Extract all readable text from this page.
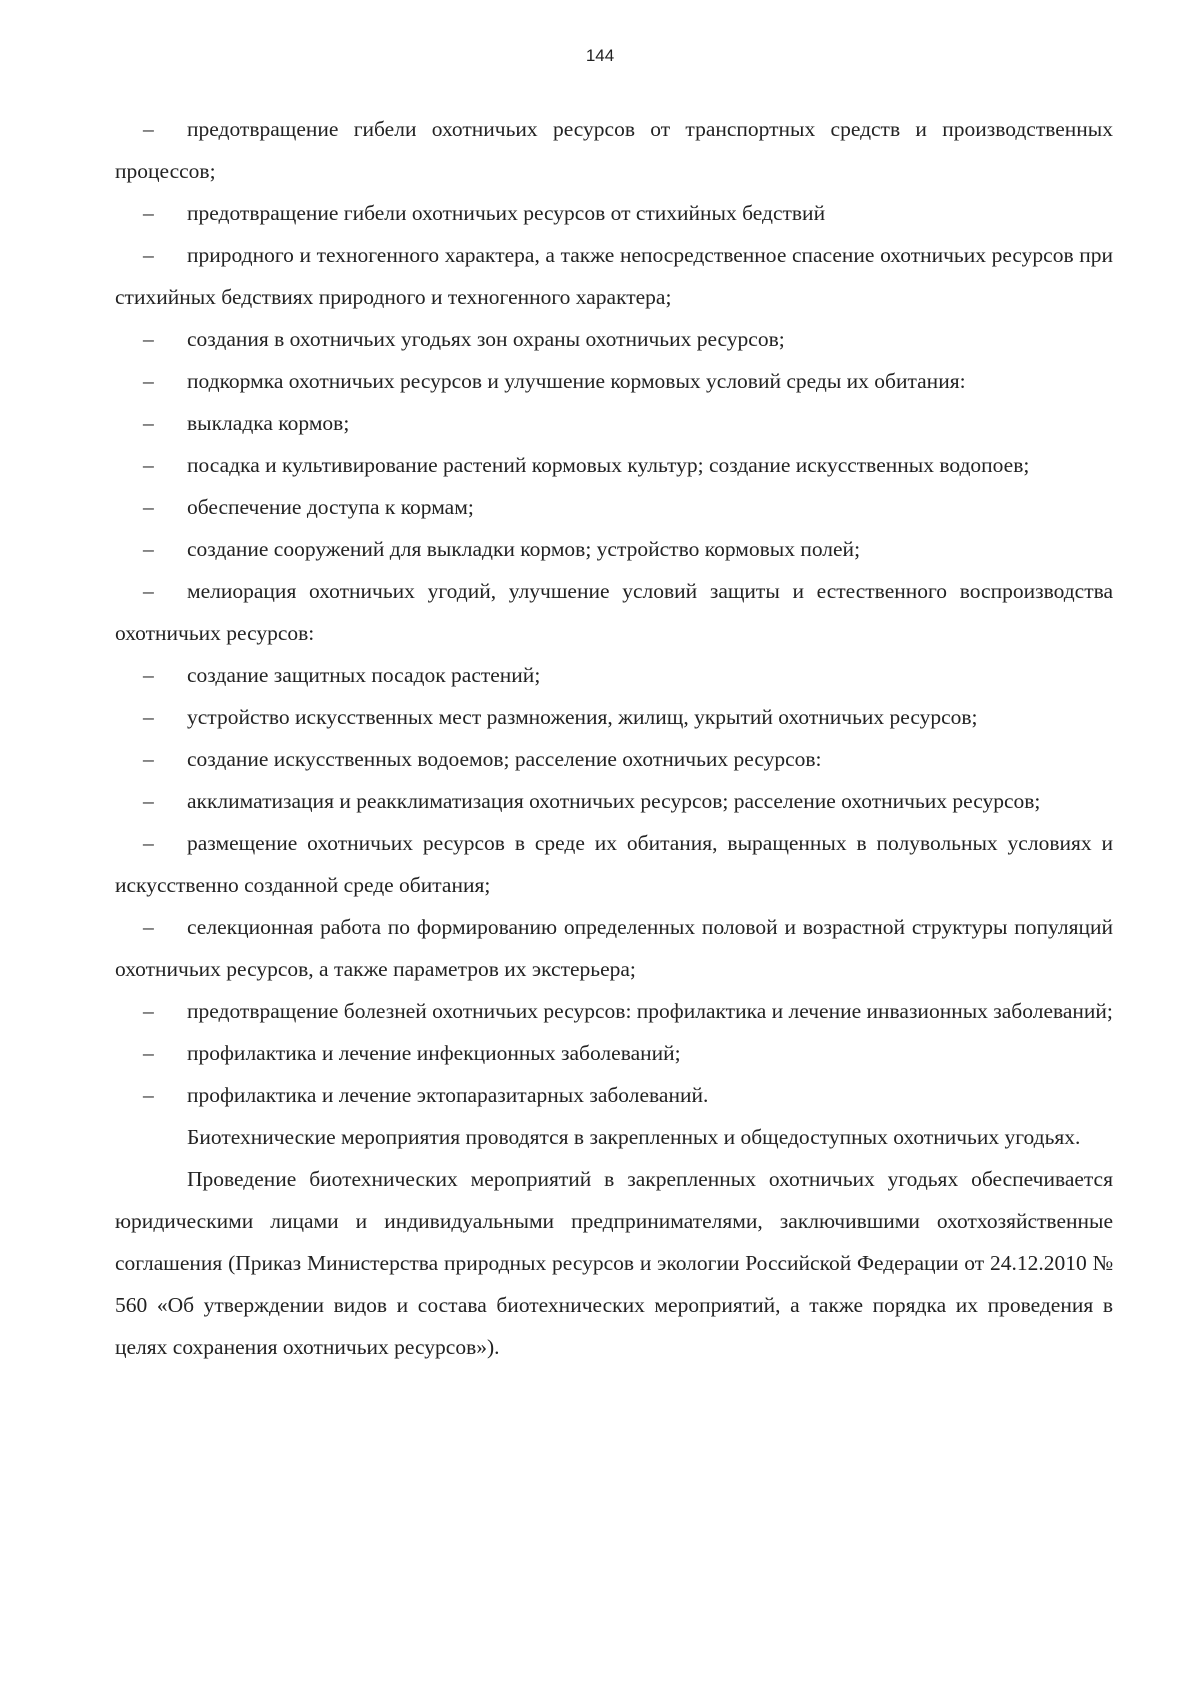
144

– предотвращение гибели охотничьих ресурсов от транспортных средств и производственных процессов;

– предотвращение гибели охотничьих ресурсов от стихийных бедствий

– природного и техногенного характера, а также непосредственное спасение охотничьих ресурсов при стихийных бедствиях природного и техногенного характера;

– создания в охотничьих угодьях зон охраны охотничьих ресурсов;

– подкормка охотничьих ресурсов и улучшение кормовых условий среды их обитания:

– выкладка кормов;

– посадка и культивирование растений кормовых культур; создание искусственных водопоев;

– обеспечение доступа к кормам;

– создание сооружений для выкладки кормов; устройство кормовых полей;

– мелиорация охотничьих угодий, улучшение условий защиты и естественного воспроизводства охотничьих ресурсов:

– создание защитных посадок растений;

– устройство искусственных мест размножения, жилищ, укрытий охотничьих ресурсов;

– создание искусственных водоемов; расселение охотничьих ресурсов:

– акклиматизация и реакклиматизация охотничьих ресурсов; расселение охотничьих ресурсов;

– размещение охотничьих ресурсов в среде их обитания, выращенных в полувольных условиях и искусственно созданной среде обитания;

– селекционная работа по формированию определенных половой и возрастной структуры популяций охотничьих ресурсов, а также параметров их экстерьера;

– предотвращение болезней охотничьих ресурсов: профилактика и лечение инвазионных заболеваний;

– профилактика и лечение инфекционных заболеваний;

– профилактика и лечение эктопаразитарных заболеваний.

Биотехнические мероприятия проводятся в закрепленных и общедоступных охотничьих угодьях.

Проведение биотехнических мероприятий в закрепленных охотничьих угодьях обеспечивается юридическими лицами и индивидуальными предпринимателями, заключившими охотхозяйственные соглашения (Приказ Министерства природных ресурсов и экологии Российской Федерации от 24.12.2010 № 560 «Об утверждении видов и состава биотехнических мероприятий, а также порядка их проведения в целях сохранения охотничьих ресурсов»).
